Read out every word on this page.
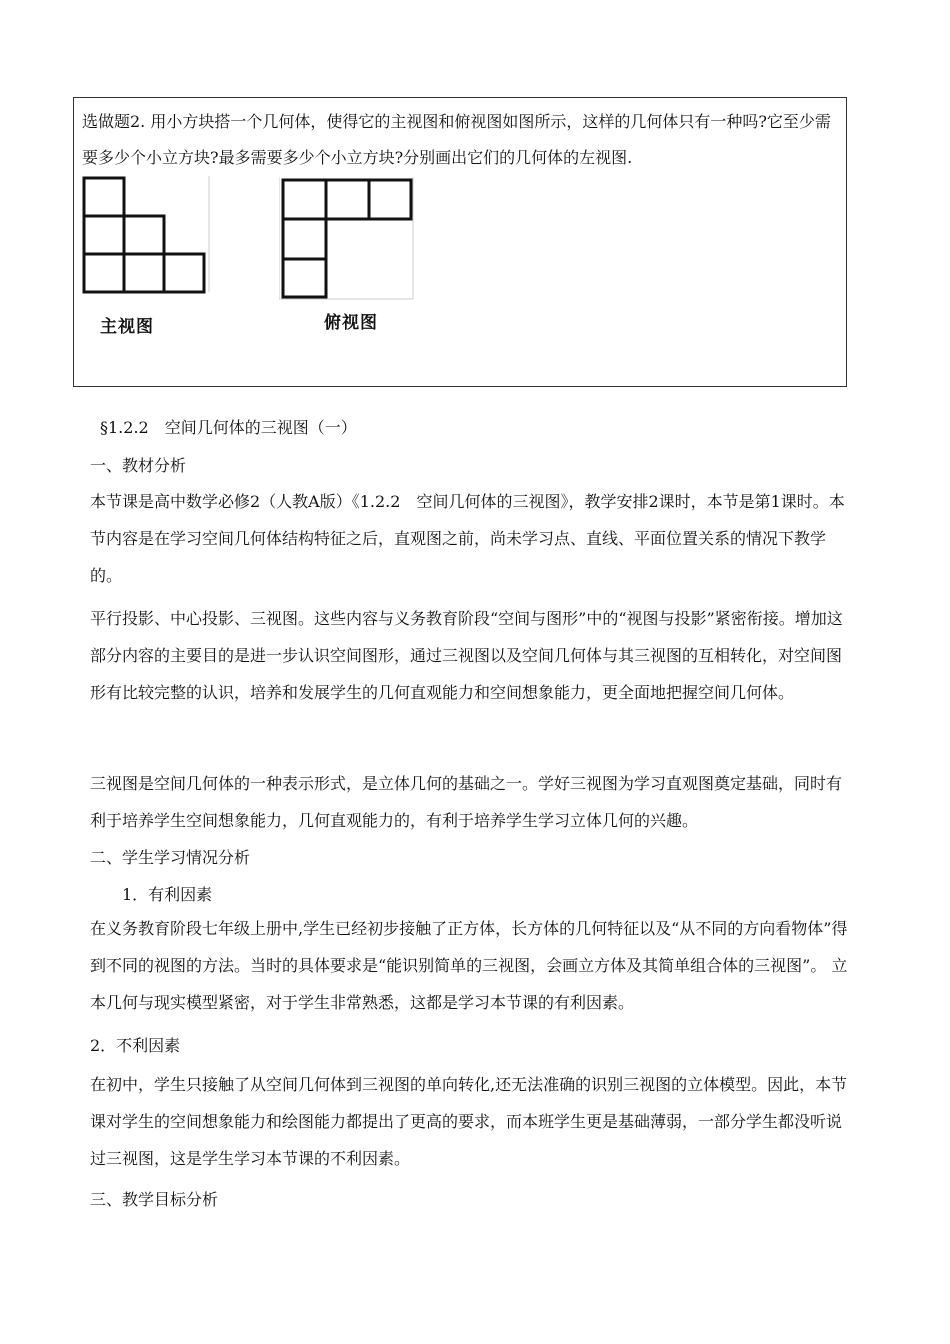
选做题2. 用小方块搭一个几何体，使得它的主视图和俯视图如图所示，这样的几何体只有一种吗?它至少需要多少个小立方块?最多需要多少个小立方块?分别画出它们的几何体的左视图.
主视图	俯视图
§1.2.2　空间几何体的三视图（一）
一、教材分析
本节课是高中数学必修2（人教A版）《1.2.2　空间几何体的三视图》，教学安排2课时，本节是第1课时。本节内容是在学习空间几何体结构特征之后，直观图之前，尚未学习点、直线、平面位置关系的情况下教学的。
平行投影、中心投影、三视图。这些内容与义务教育阶段“空间与图形”中的“视图与投影”紧密衔接。增加这部分内容的主要目的是进一步认识空间图形，通过三视图以及空间几何体与其三视图的互相转化，对空间图形有比较完整的认识，培养和发展学生的几何直观能力和空间想象能力，更全面地把握空间几何体。
三视图是空间几何体的一种表示形式，是立体几何的基础之一。学好三视图为学习直观图奠定基础，同时有利于培养学生空间想象能力，几何直观能力的，有利于培养学生学习立体几何的兴趣。
二、学生学习情况分析
1．有利因素
在义务教育阶段七年级上册中,学生已经初步接触了正方体，长方体的几何特征以及“从不同的方向看物体”得到不同的视图的方法。当时的具体要求是“能识别简单的三视图，会画立方体及其简单组合体的三视图”。 立本几何与现实模型紧密，对于学生非常熟悉，这都是学习本节课的有利因素。
2．不利因素
在初中，学生只接触了从空间几何体到三视图的单向转化,还无法准确的识别三视图的立体模型。因此，本节课对学生的空间想象能力和绘图能力都提出了更高的要求，而本班学生更是基础薄弱，一部分学生都没听说过三视图，这是学生学习本节课的不利因素。
三、教学目标分析
